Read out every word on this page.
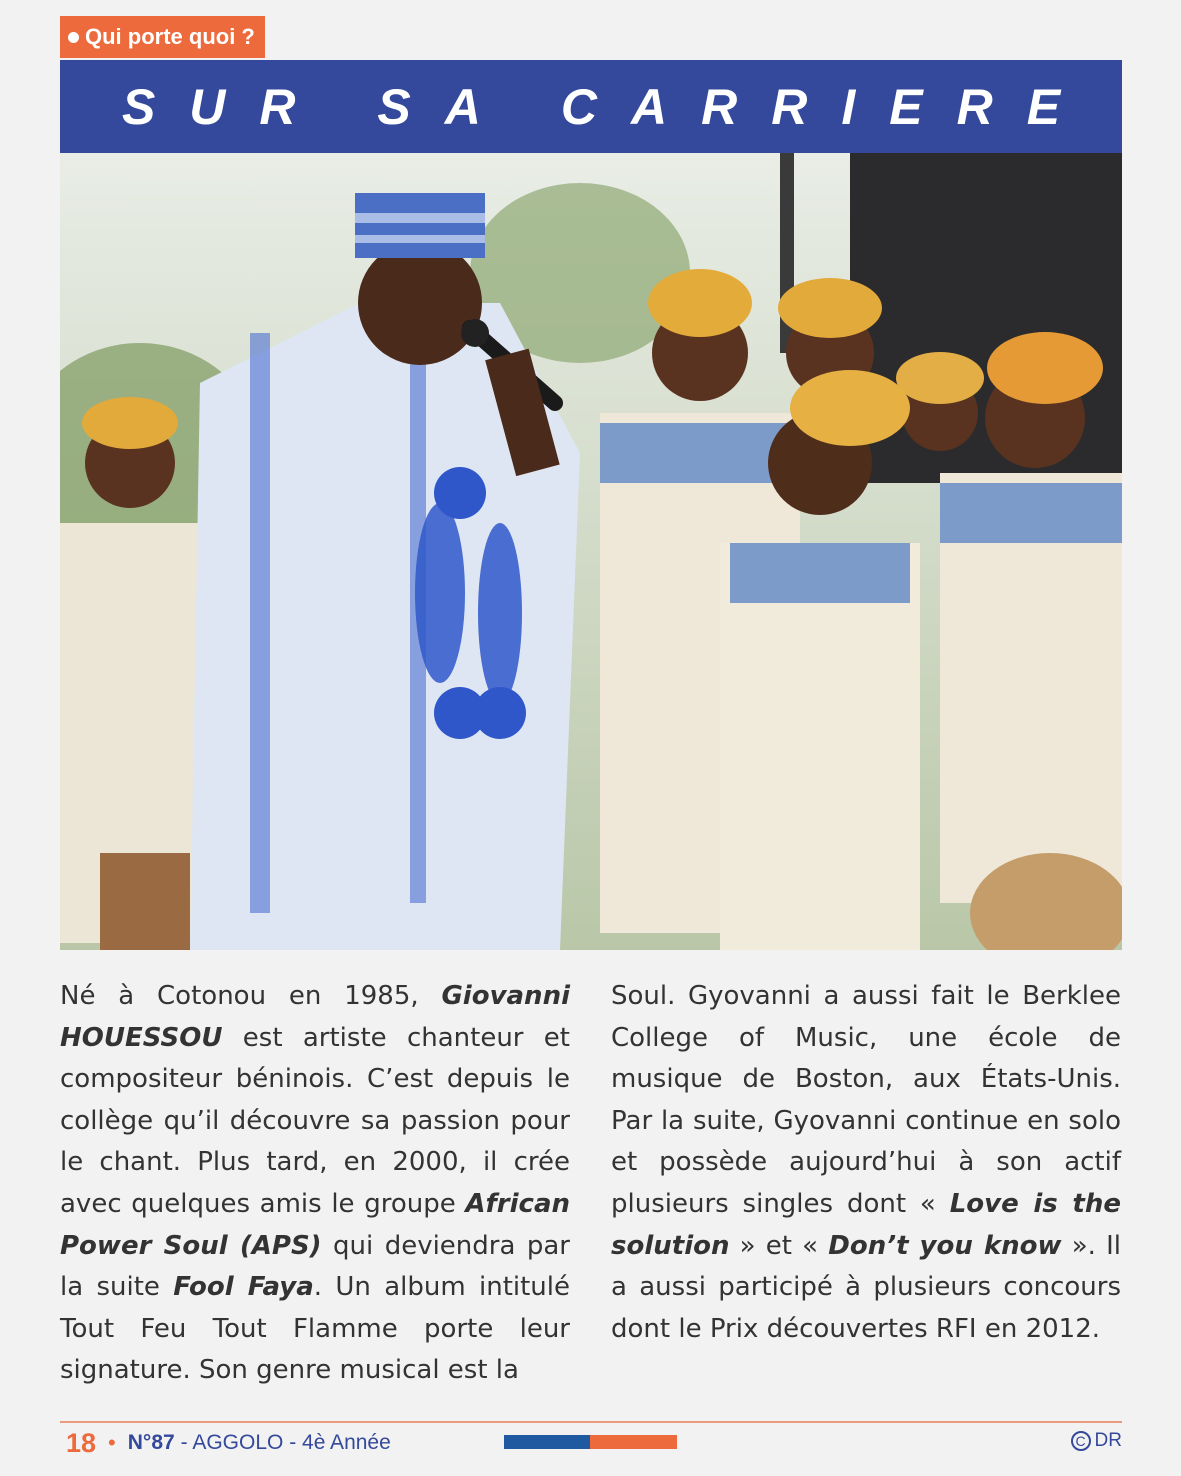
Qui porte quoi ?
SUR SA CARRIERE
Né à Cotonou en 1985, Giovanni HOUESSOU est artiste chanteur et compositeur béninois. C’est depuis le collège qu’il découvre sa passion pour le chant. Plus tard, en 2000, il crée avec quelques amis le groupe African Power Soul (APS) qui deviendra par la suite Fool Faya. Un album intitulé Tout Feu Tout Flamme porte leur signature. Son genre musical est la
Soul. Gyovanni a aussi fait le Berklee College of Music, une école de musique de Boston, aux États-Unis. Par la suite, Gyovanni continue en solo et possède aujourd’hui à son actif plusieurs singles dont « Love is the solution » et « Don’t you know ». Il a aussi participé à plusieurs concours dont le Prix découvertes RFI en 2012.
18 • N°87 - AGGOLO - 4è Année	C DR
